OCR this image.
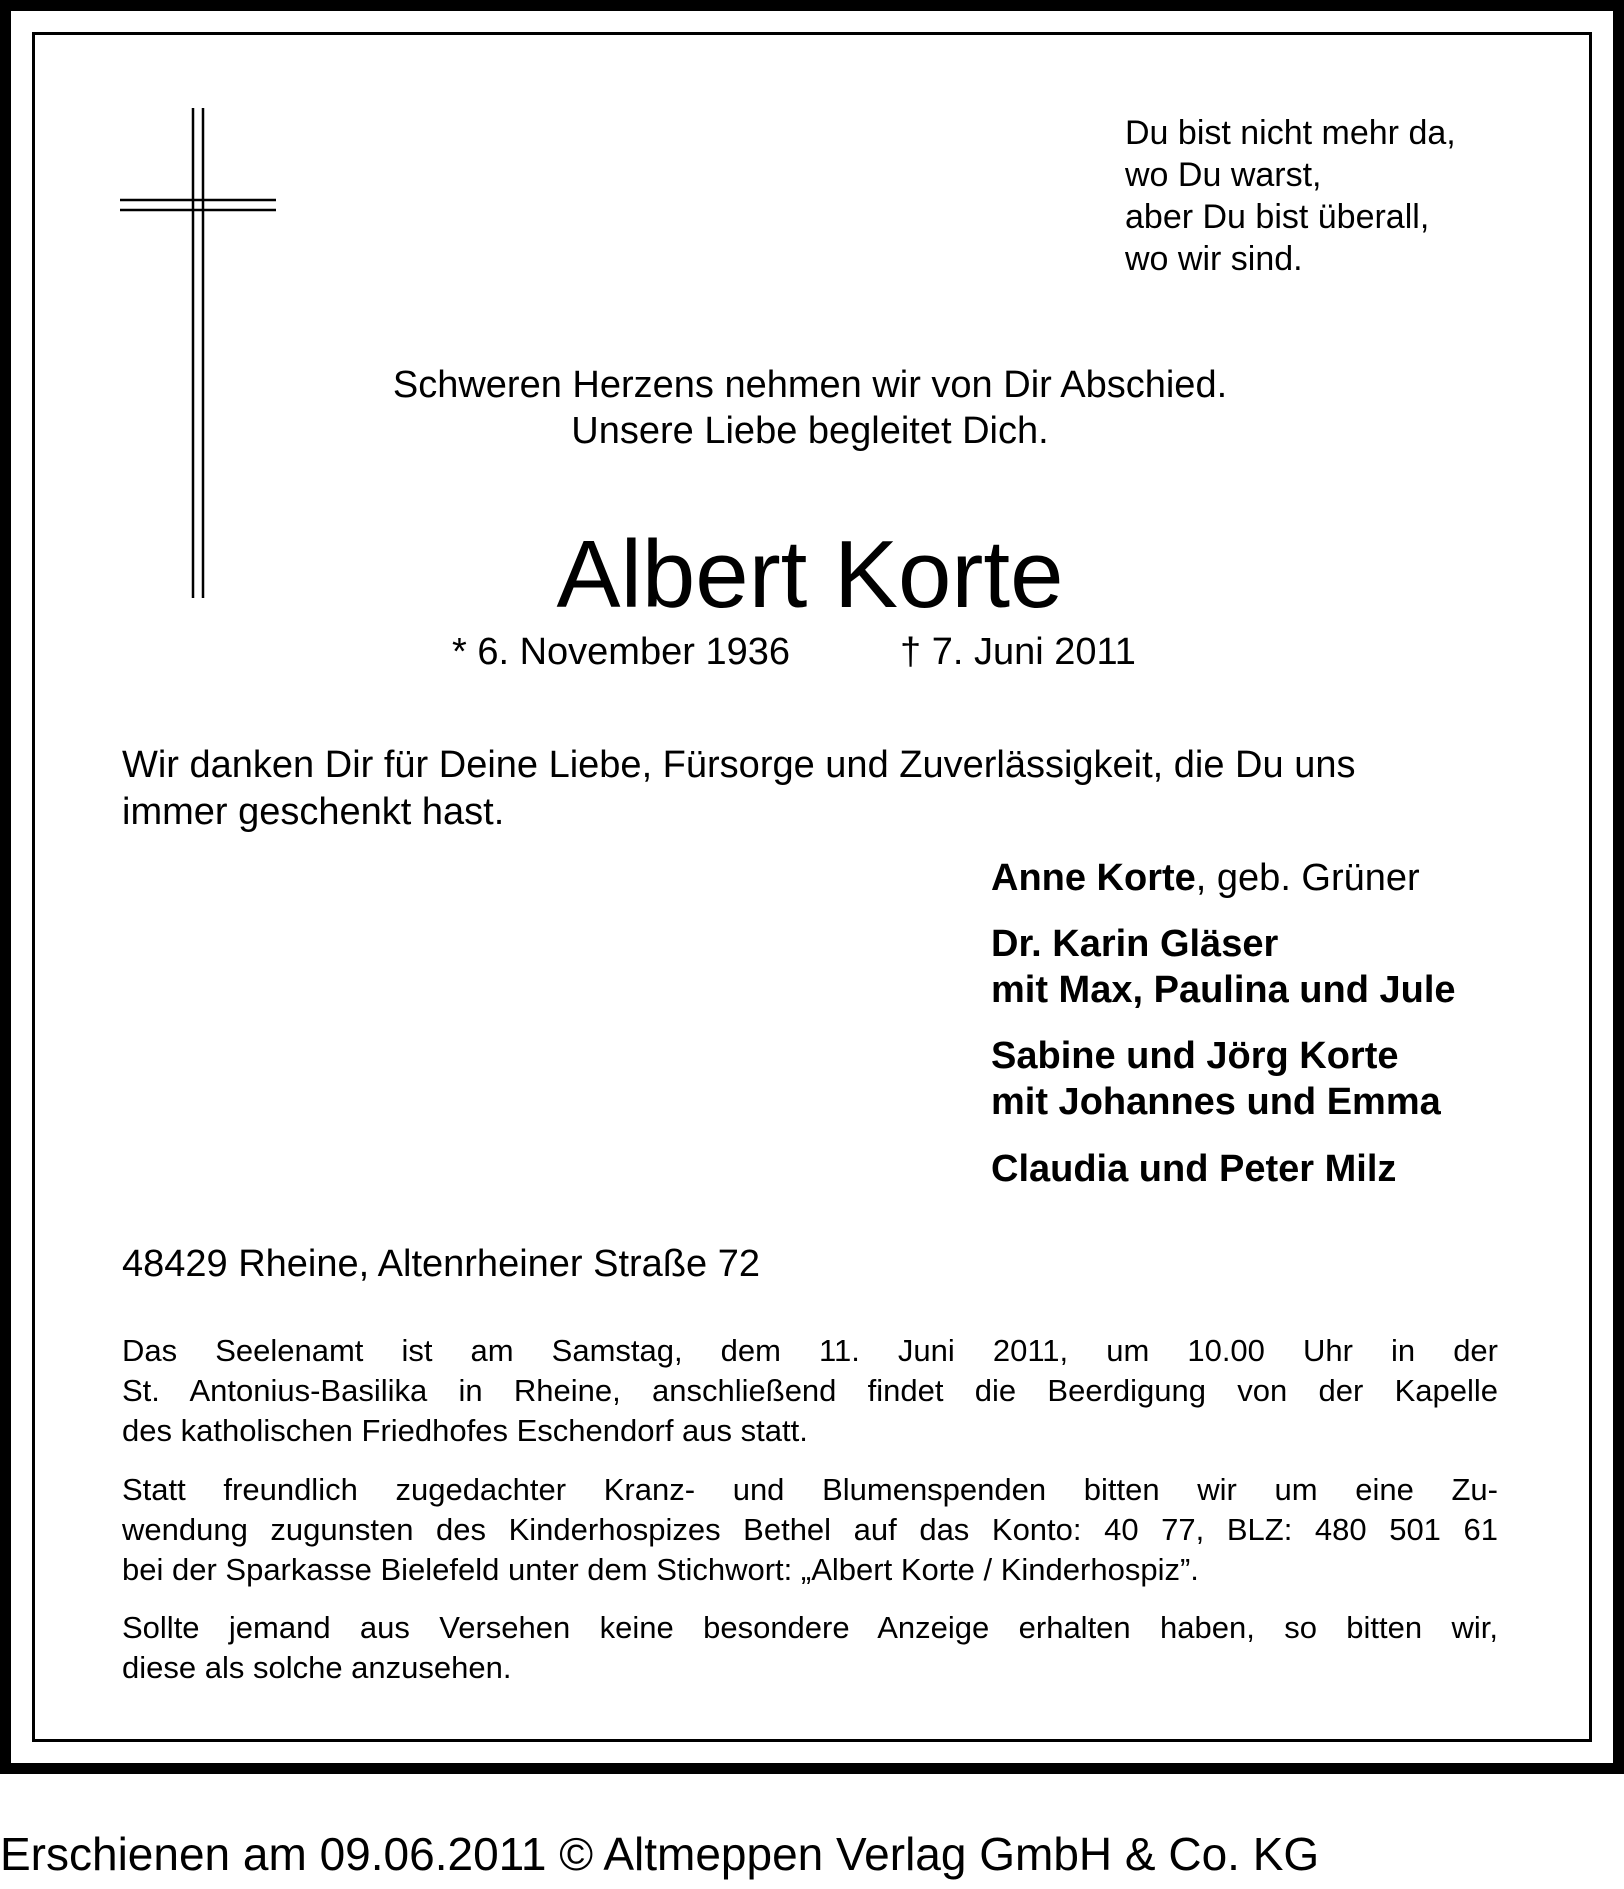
Du bist nicht mehr da,
wo Du warst,
aber Du bist überall,
wo wir sind.

Schweren Herzens nehmen wir von Dir Abschied.

Unsere Liebe begleitet Dich.

Albert Korte
* 6. November 1936	† 7. Juni 2011
Wir danken Dir für Deine Liebe, Fürsorge und Zuverlässigkeit, die Du uns
immer geschenkt hast.
Anne Korte, geb. Grüner
Dr. Karin Gläser
mit Max, Paulina und Jule
Sabine und Jörg Korte
mit Johannes und Emma
Claudia und Peter Milz
48429 Rheine, Altenrheiner Straße 72
Das Seelenamt ist am Samstag, dem 11. Juni 2011, um 10.00 Uhr in der
St. Antonius-Basilika in Rheine, anschließend findet die Beerdigung von der Kapelle
des katholischen Friedhofes Eschendorf aus statt.
Statt freundlich zugedachter Kranz- und Blumenspenden bitten wir um eine Zu-
wendung zugunsten des Kinderhospizes Bethel auf das Konto: 40 77, BLZ: 480 501 61
bei der Sparkasse Bielefeld unter dem Stichwort: „Albert Korte / Kinderhospiz”.
Sollte jemand aus Versehen keine besondere Anzeige erhalten haben, so bitten wir,
diese als solche anzusehen.
Erschienen am 09.06.2011 © Altmeppen Verlag GmbH & Co. KG
